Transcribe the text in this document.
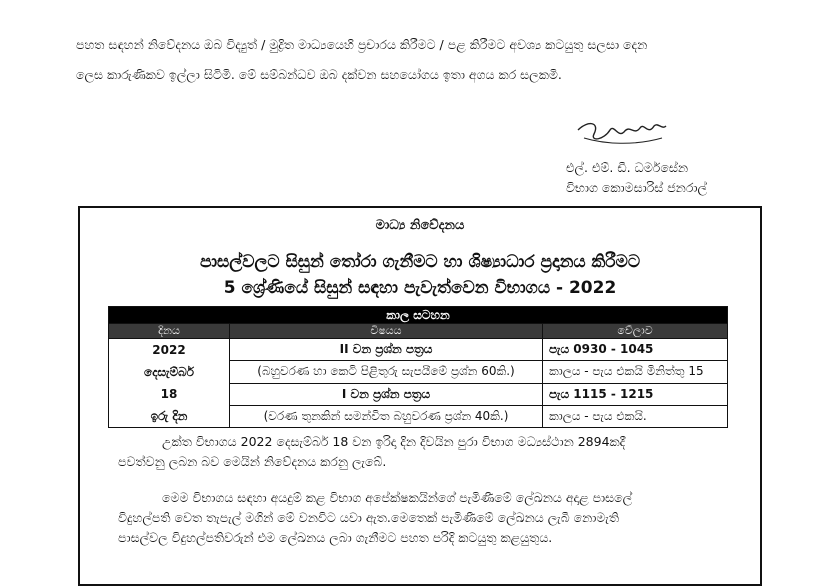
පහත සඳහන් නිවේදනය ඔබ විද්‍යුත් / මුද්‍රිත මාධ්‍යයෙහි ප්‍රචාරය කිරීමට / පළ කිරීමට අවශ්‍ය කටයුතු සලසා දෙන
ලෙස කාරුණිකව ඉල්ලා සිටිමි. මේ සම්බන්ධව ඔබ දක්වන සහයෝගය ඉතා අගය කර සලකමි.
එල්. එම්. ඩී. ධර්මසේන
විභාග කොමසාරිස් ජනරාල්
මාධ්‍ය නිවේදනය
පාසල්වලට සිසුන් තෝරා ගැනීමට හා ශිෂ්‍යාධාර ප්‍රදානය කිරීමට
5 ශ්‍රේණියේ සිසුන් සඳහා පැවැත්වෙන විභාගය - 2022
කාල සටහන		
දිනය	විෂයය	වේලාව

2022
දෙසැම්බර්
18
ඉරු දින	II වන ප්‍රශ්න පත්‍රය	පැය 0930 - 1045
	(බහුවරණ හා කෙටි පිළිතුරු සැපයීමේ ප්‍රශ්න 60කි.)	කාලය - පැය එකයි මිනිත්තු 15
	I වන ප්‍රශ්න පත්‍රය	පැය 1115 - 1215
	(වරණ තුනකින් සමන්විත බහුවරණ ප්‍රශ්න 40කි.)	කාලය - පැය එකයි.
උක්ත විභාගය 2022 දෙසැම්බර් 18 වන ඉරිදා දින දිවයින පුරා විභාග මධ්‍යස්ථාන 2894කදී
පවත්වනු ලබන බව මෙයින් නිවේදනය කරනු ලැබේ.
මෙම විභාගය සඳහා අයදුම් කළ විභාග අපේක්ෂකයින්ගේ පැමිණීමේ ලේඛනය අදාළ පාසලේ
විදුහල්පති වෙත තැපැල් මගින් මේ වනවිට යවා ඇත.මෙතෙක් පැමිණීමේ ලේඛනය ලැබී නොමැති
පාසල්වල විදුහල්පතිවරුන් එම ලේඛනය ලබා ගැනීමට පහත පරිදි කටයුතු කළයුතුය.
